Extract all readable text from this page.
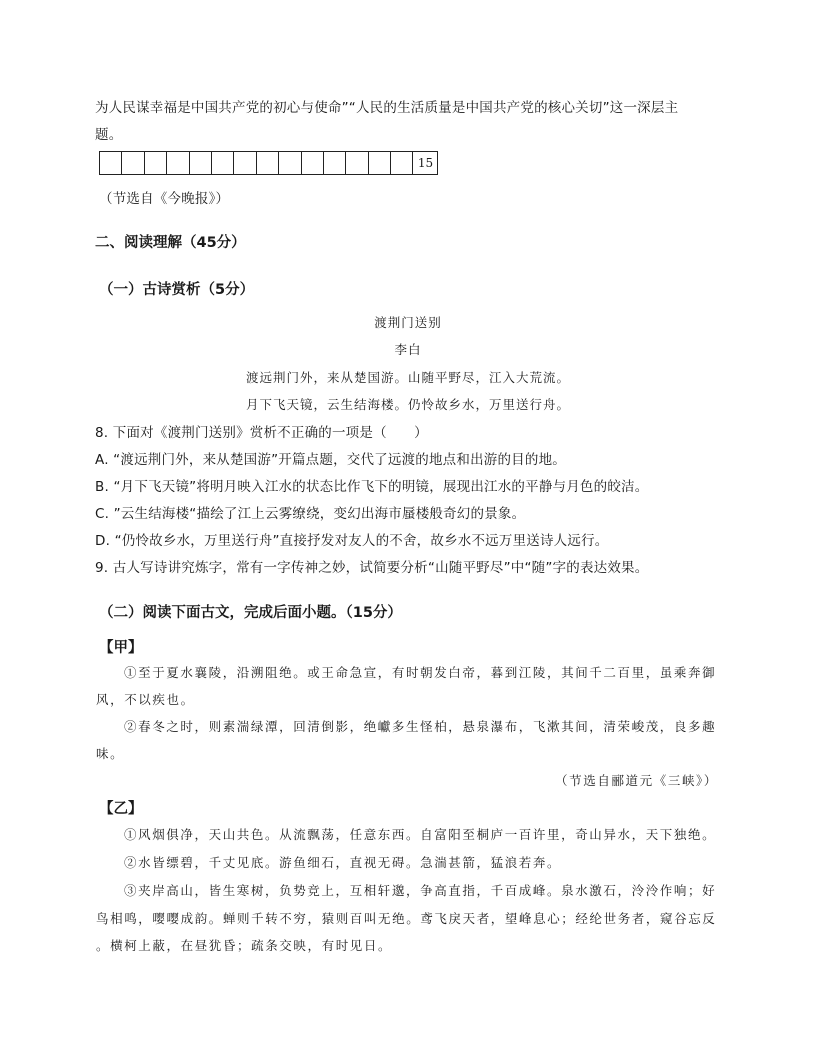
为人民谋幸福是中国共产党的初心与使命”“人民的生活质量是中国共产党的核心关切”这一深层主
题。
15
（节选自《今晚报》）
二、阅读理解（45分）
（一）古诗赏析（5分）
渡荆门送别
李白
渡远荆门外，来从楚国游。山随平野尽，江入大荒流。
月下飞天镜，云生结海楼。仍怜故乡水，万里送行舟。
8. 下面对《渡荆门送别》赏析不正确的一项是（　　）
A. “渡远荆门外，来从楚国游”开篇点题，交代了远渡的地点和出游的目的地。
B. “月下飞天镜”将明月映入江水的状态比作飞下的明镜，展现出江水的平静与月色的皎洁。
C. ”云生结海楼“描绘了江上云雾缭绕，变幻出海市蜃楼般奇幻的景象。
D. “仍怜故乡水，万里送行舟”直接抒发对友人的不舍，故乡水不远万里送诗人远行。
9. 古人写诗讲究炼字，常有一字传神之妙，试简要分析“山随平野尽”中“随”字的表达效果。
（二）阅读下面古文，完成后面小题。（15分）
【甲】
①至于夏水襄陵，沿溯阻绝。或王命急宣，有时朝发白帝，暮到江陵，其间千二百里，虽乘奔御
风，不以疾也。
②春冬之时，则素湍绿潭，回清倒影，绝巘多生怪柏，悬泉瀑布，飞漱其间，清荣峻茂，良多趣
味。
（节选自郦道元《三峡》）
【乙】
①风烟俱净，天山共色。从流飘荡，任意东西。自富阳至桐庐一百许里，奇山异水，天下独绝。
②水皆缥碧，千丈见底。游鱼细石，直视无碍。急湍甚箭，猛浪若奔。
③夹岸高山，皆生寒树，负势竞上，互相轩邈，争高直指，千百成峰。泉水激石，泠泠作响；好
鸟相鸣，嘤嘤成韵。蝉则千转不穷，猿则百叫无绝。鸢飞戾天者，望峰息心；经纶世务者，窥谷忘反
。横柯上蔽，在昼犹昏；疏条交映，有时见日。
